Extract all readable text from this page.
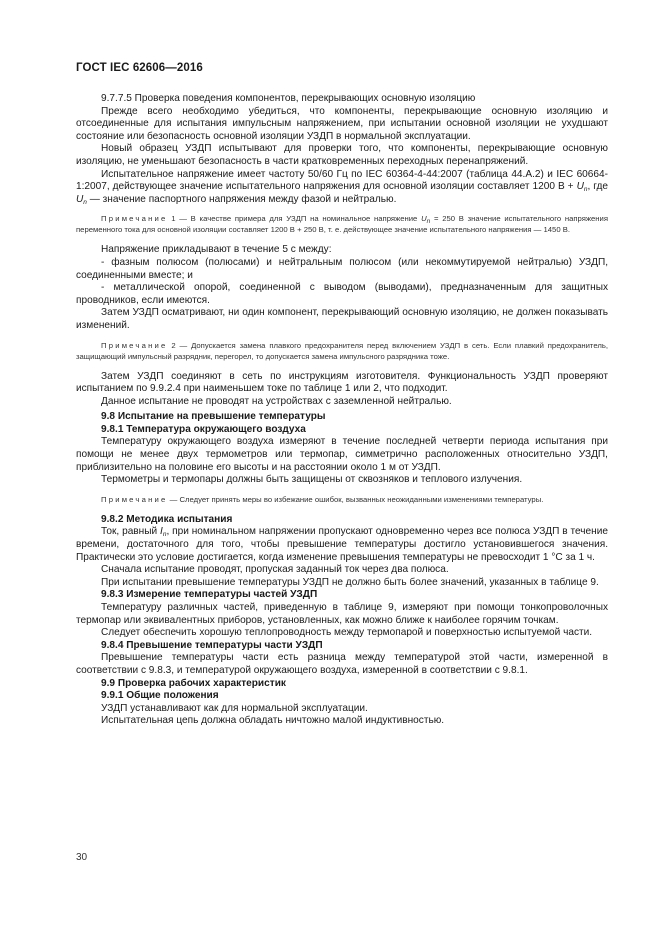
ГОСТ IEC 62606—2016

9.7.7.5 Проверка поведения компонентов, перекрывающих основную изоляцию

Прежде всего необходимо убедиться, что компоненты, перекрывающие основную изоляцию и отсоединенные для испытания импульсным напряжением, при испытании основной изоляции не ухудшают состояние или безопасность основной изоляции УЗДП в нормальной эксплуатации.

Новый образец УЗДП испытывают для проверки того, что компоненты, перекрывающие основную изоляцию, не уменьшают безопасность в части кратковременных переходных перенапряжений.

Испытательное напряжение имеет частоту 50/60 Гц по IEC 60364-4-44:2007 (таблица 44.А.2) и IEC 60664-1:2007, действующее значение испытательного напряжения для основной изоляции составляет 1200 $В + U_n$, где $U_n$ — значение паспортного напряжения между фазой и нейтралью.

Примечание 1 — В качестве примера для УЗДП на номинальное напряжение $U_n = 250$ В значение испытательного напряжения переменного тока для основной изоляции составляет 1200 В + 250 В, т. е. действующее значение испытательного напряжения — 1450 В.

Напряжение прикладывают в течение 5 с между:

- фазным полюсом (полюсами) и нейтральным полюсом (или некоммутируемой нейтралью) УЗДП, соединенными вместе; и

- металлической опорой, соединенной с выводом (выводами), предназначенным для защитных проводников, если имеются.

Затем УЗДП осматривают, ни один компонент, перекрывающий основную изоляцию, не должен показывать изменений.

Примечание 2 — Допускается замена плавкого предохранителя перед включением УЗДП в сеть. Если плавкий предохранитель, защищающий импульсный разрядник, перегорел, то допускается замена импульсного разрядника тоже.

Затем УЗДП соединяют в сеть по инструкциям изготовителя. Функциональность УЗДП проверяют испытанием по 9.9.2.4 при наименьшем токе по таблице 1 или 2, что подходит.

Данное испытание не проводят на устройствах с заземленной нейтралью.

9.8 Испытание на превышение температуры

9.8.1 Температура окружающего воздуха

Температуру окружающего воздуха измеряют в течение последней четверти периода испытания при помощи не менее двух термометров или термопар, симметрично расположенных относительно УЗДП, приблизительно на половине его высоты и на расстоянии около 1 м от УЗДП.

Термометры и термопары должны быть защищены от сквозняков и теплового излучения.

Примечание — Следует принять меры во избежание ошибок, вызванных неожиданными изменениями температуры.

9.8.2 Методика испытания

Ток, равный $I_n$, при номинальном напряжении пропускают одновременно через все полюса УЗДП в течение времени, достаточного для того, чтобы превышение температуры достигло установившегося значения. Практически это условие достигается, когда изменение превышения температуры не превосходит 1 °С за 1 ч.

Сначала испытание проводят, пропуская заданный ток через два полюса.

При испытании превышение температуры УЗДП не должно быть более значений, указанных в таблице 9.

9.8.3 Измерение температуры частей УЗДП

Температуру различных частей, приведенную в таблице 9, измеряют при помощи тонкопроволочных термопар или эквивалентных приборов, установленных, как можно ближе к наиболее горячим точкам.

Следует обеспечить хорошую теплопроводность между термопарой и поверхностью испытуемой части.

9.8.4 Превышение температуры части УЗДП

Превышение температуры части есть разница между температурой этой части, измеренной в соответствии с 9.8.3, и температурой окружающего воздуха, измеренной в соответствии с 9.8.1.

9.9 Проверка рабочих характеристик

9.9.1 Общие положения

УЗДП устанавливают как для нормальной эксплуатации.

Испытательная цепь должна обладать ничтожно малой индуктивностью.

30
